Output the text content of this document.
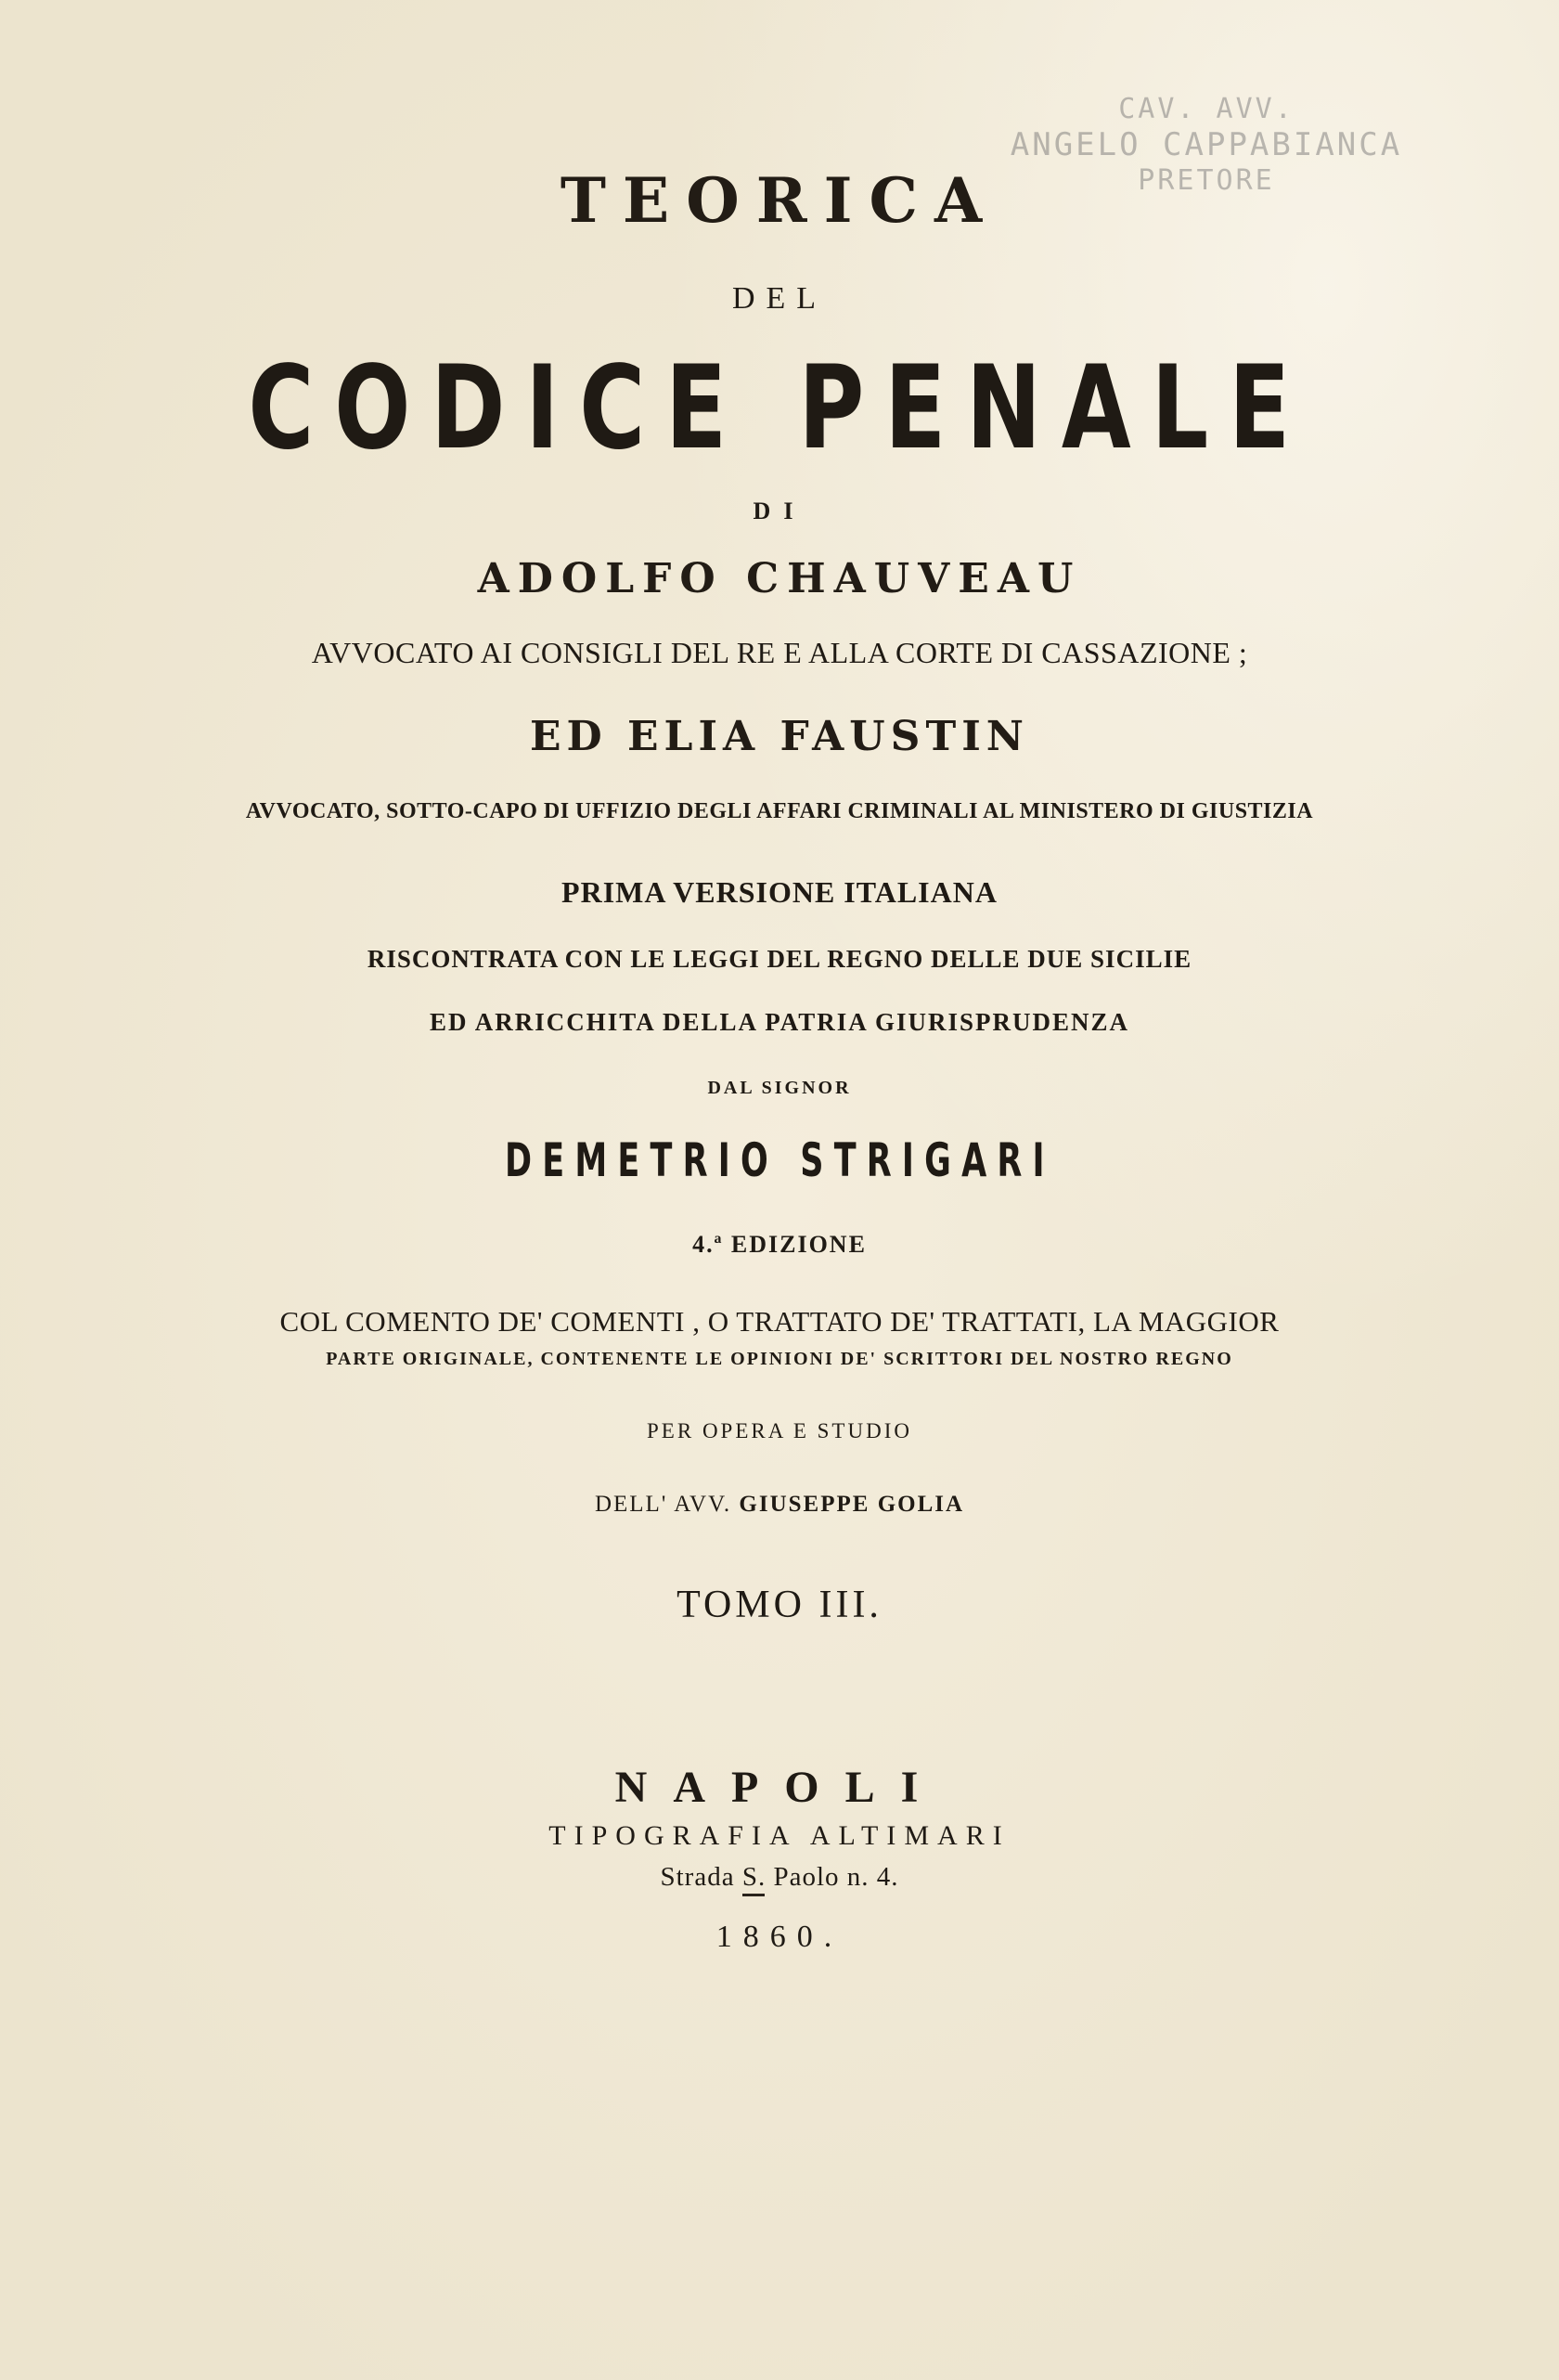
CAV. AVV.
ANGELO CAPPABIANCA
PRETORE
TEORICA
DEL
CODICE PENALE
DI
ADOLFO CHAUVEAU
AVVOCATO AI CONSIGLI DEL RE E ALLA CORTE DI CASSAZIONE ;
ED ELIA FAUSTIN
AVVOCATO, SOTTO-CAPO DI UFFIZIO DEGLI AFFARI CRIMINALI AL MINISTERO DI GIUSTIZIA
PRIMA VERSIONE ITALIANA
RISCONTRATA CON LE LEGGI DEL REGNO DELLE DUE SICILIE
ED ARRICCHITA DELLA PATRIA GIURISPRUDENZA
DAL SIGNOR
DEMETRIO STRIGARI
4.ª EDIZIONE
COL COMENTO DE' COMENTI , O TRATTATO DE' TRATTATI, LA MAGGIOR
PARTE ORIGINALE, CONTENENTE LE OPINIONI DE' SCRITTORI DEL NOSTRO REGNO
PER OPERA E STUDIO
DELL' AVV. GIUSEPPE GOLIA
TOMO III.
NAPOLI
TIPOGRAFIA ALTIMARI
Strada S. Paolo n. 4.
1860.
